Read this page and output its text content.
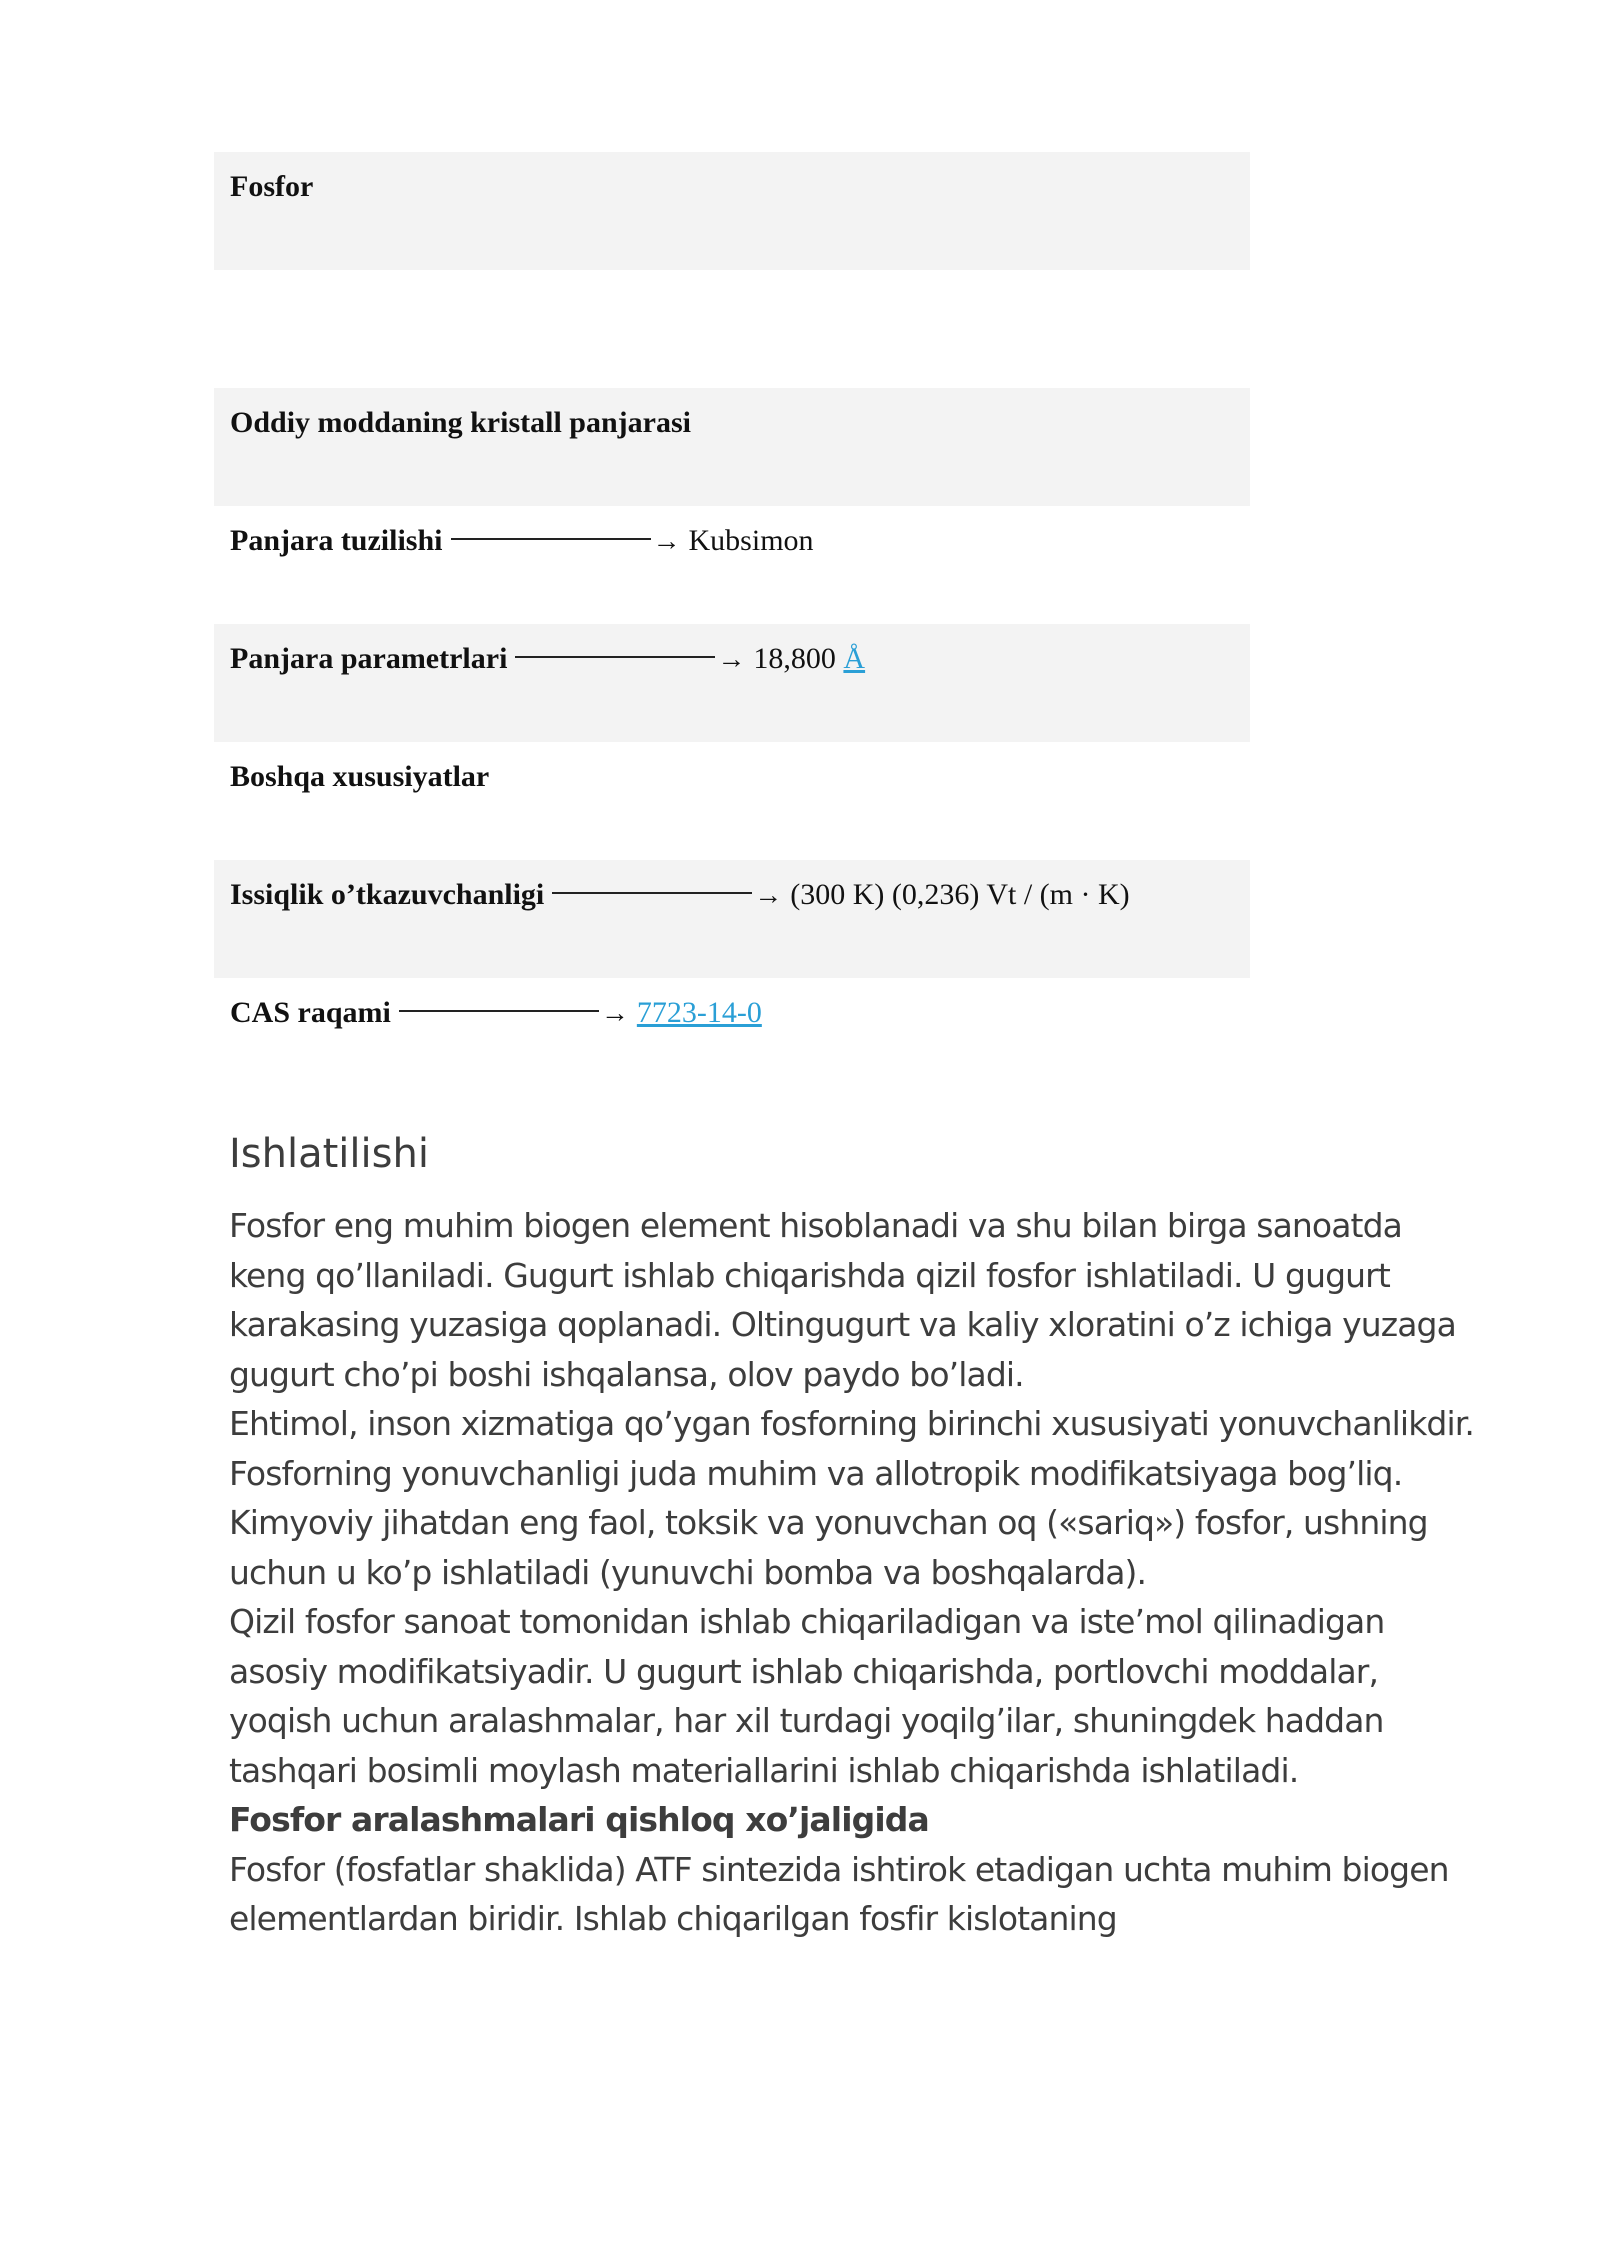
Fosfor
Oddiy moddaning kristall panjarasi
Panjara tuzilishi	→ Kubsimon
Panjara parametrlari	→ 18,800 Å
Boshqa xususiyatlar
Issiqlik o’tkazuvchanligi	→ (300 K) (0,236) Vt / (m · K)
CAS raqami	→ 7723-14-0
Ishlatilishi

Fosfor eng muhim biogen element hisoblanadi va shu bilan birga sanoatda keng qo’llaniladi. Gugurt ishlab chiqarishda qizil fosfor ishlatiladi. U gugurt karakasing yuzasiga qoplanadi. Oltingugurt va kaliy xloratini o’z ichiga yuzaga gugurt cho’pi boshi ishqalansa, olov paydo bo’ladi.

Ehtimol, inson xizmatiga qo’ygan fosforning birinchi xususiyati yonuvchanlikdir. Fosforning yonuvchanligi juda muhim va allotropik modifikatsiyaga bog’liq. Kimyoviy jihatdan eng faol, toksik va yonuvchan oq («sariq») fosfor, ushning uchun u ko’p ishlatiladi (yunuvchi bomba va boshqalarda).

Qizil fosfor sanoat tomonidan ishlab chiqariladigan va iste’mol qilinadigan asosiy modifikatsiyadir. U gugurt ishlab chiqarishda, portlovchi moddalar, yoqish uchun aralashmalar, har xil turdagi yoqilg’ilar, shuningdek haddan tashqari bosimli moylash materiallarini ishlab chiqarishda ishlatiladi.

Fosfor aralashmalari qishloq xo’jaligida

Fosfor (fosfatlar shaklida) ATF sintezida ishtirok etadigan uchta muhim biogen elementlardan biridir. Ishlab chiqarilgan fosfir kislotaning
